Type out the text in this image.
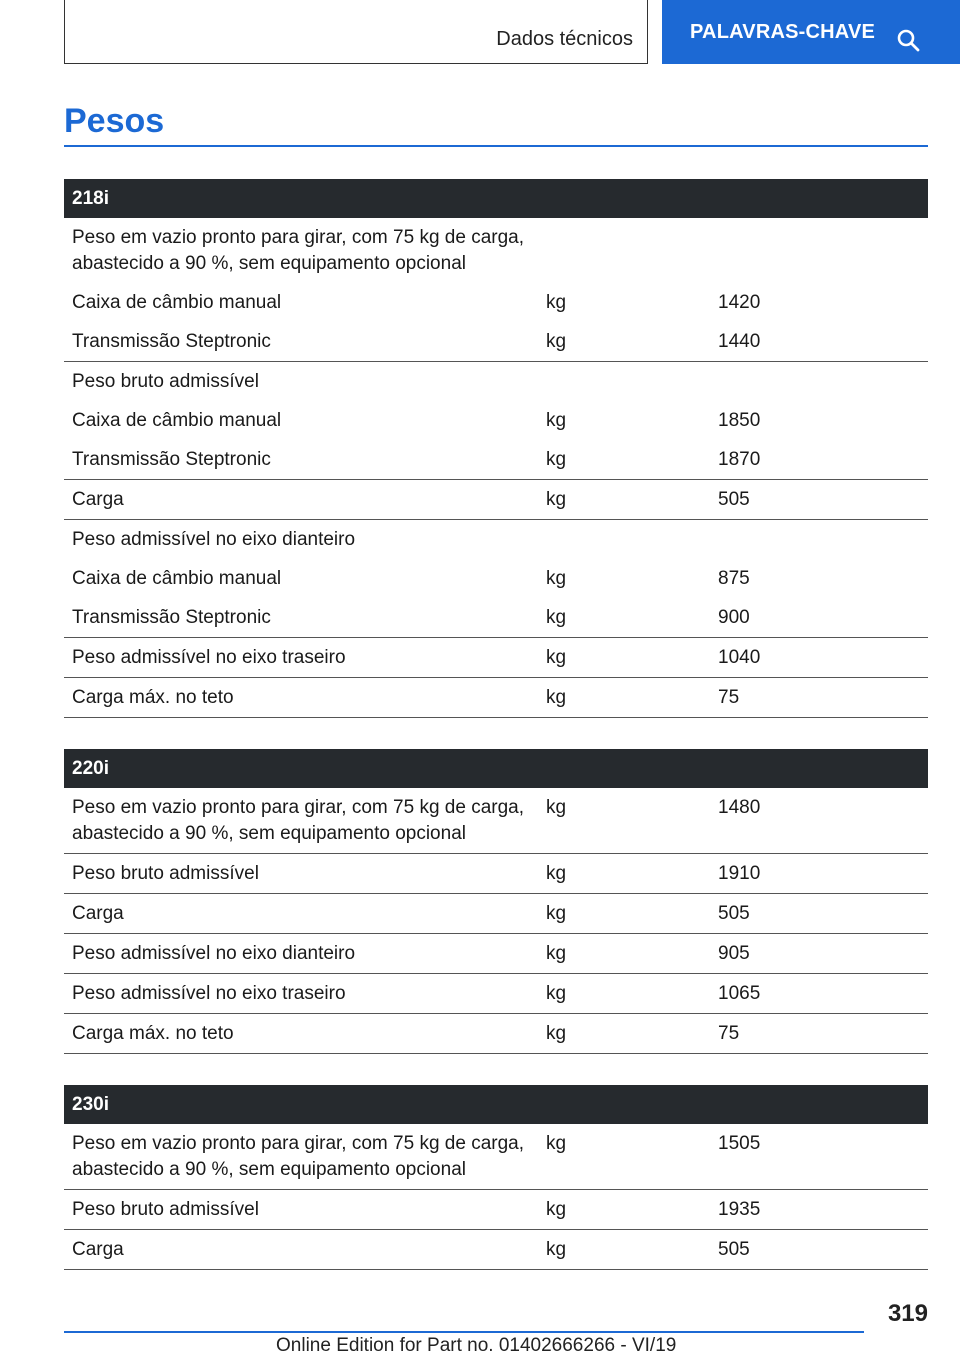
Dados técnicos	PALAVRAS-CHAVE
Pesos
218i		
Peso em vazio pronto para girar, com 75 kg de carga,
abastecido a 90 %, sem equipamento opcional		
Caixa de câmbio manual	kg	1420
Transmissão Steptronic	kg	1440
Peso bruto admissível		
Caixa de câmbio manual	kg	1850
Transmissão Steptronic	kg	1870
Carga	kg	505
Peso admissível no eixo dianteiro		
Caixa de câmbio manual	kg	875
Transmissão Steptronic	kg	900
Peso admissível no eixo traseiro	kg	1040
Carga máx. no teto	kg	75
220i		
Peso em vazio pronto para girar, com 75 kg de carga,
abastecido a 90 %, sem equipamento opcional	kg	1480
Peso bruto admissível	kg	1910
Carga	kg	505
Peso admissível no eixo dianteiro	kg	905
Peso admissível no eixo traseiro	kg	1065
Carga máx. no teto	kg	75
230i		
Peso em vazio pronto para girar, com 75 kg de carga,
abastecido a 90 %, sem equipamento opcional	kg	1505
Peso bruto admissível	kg	1935
Carga	kg	505
319
Online Edition for Part no. 01402666266 - VI/19
